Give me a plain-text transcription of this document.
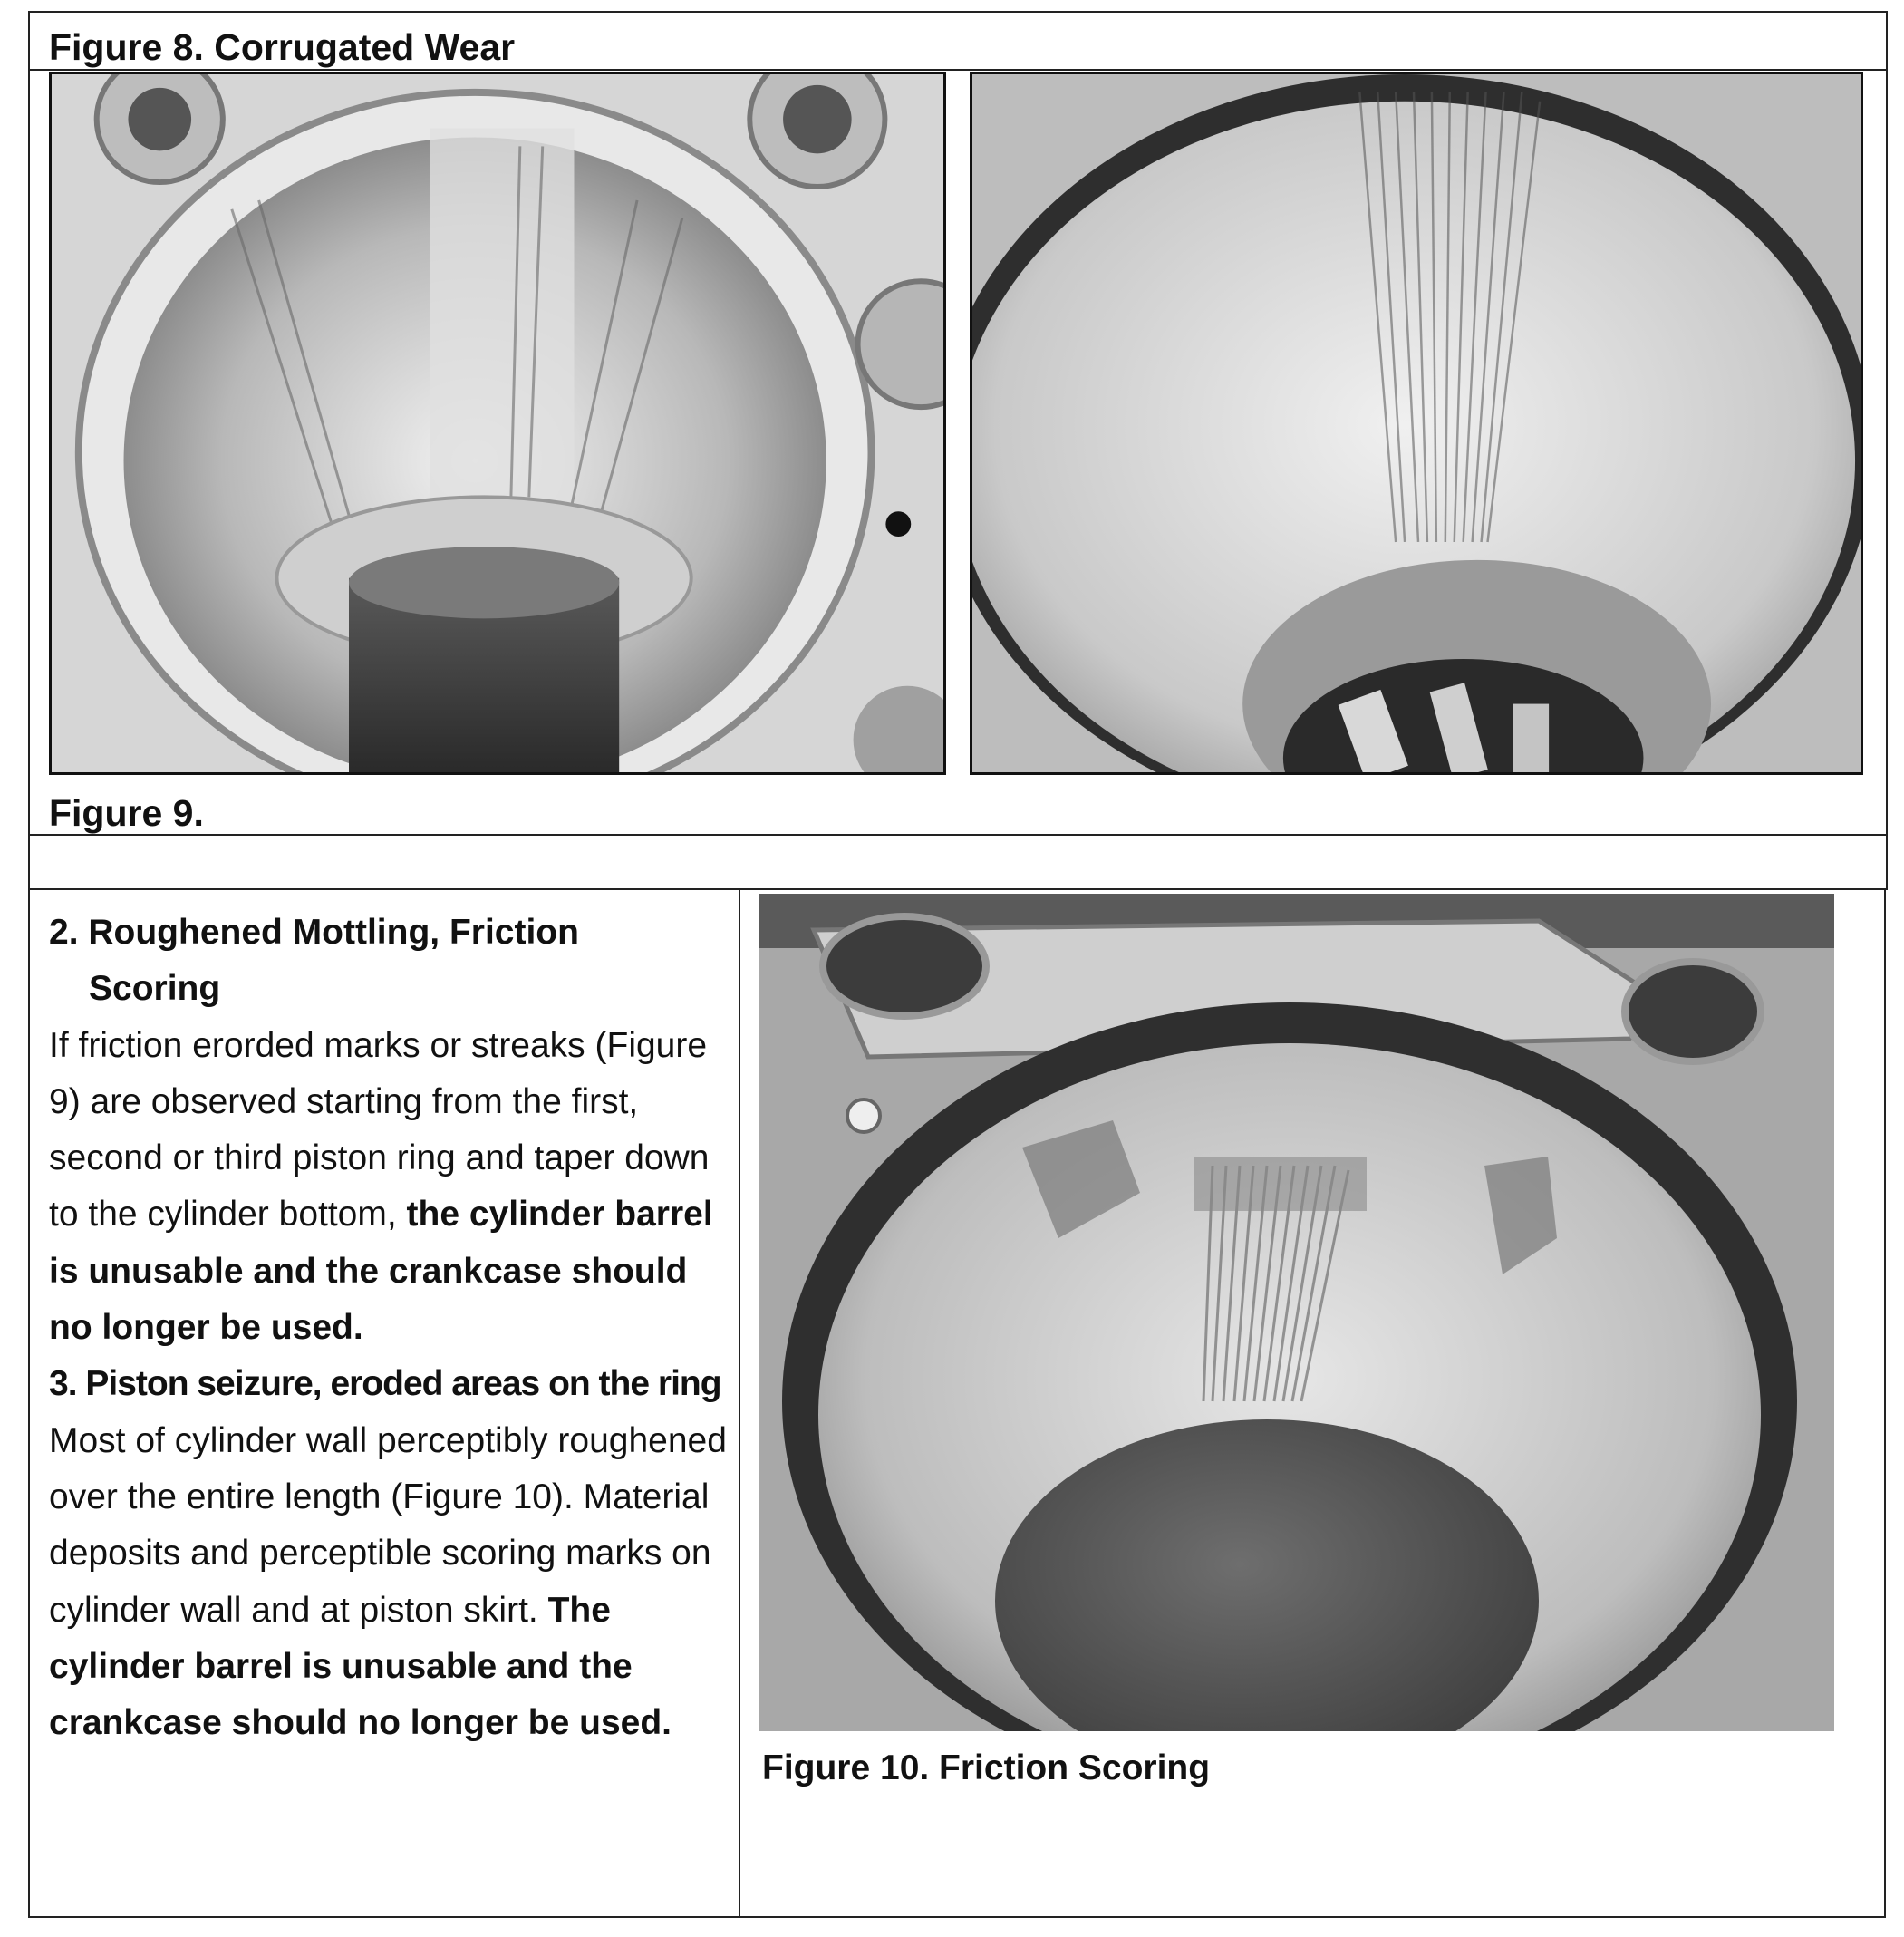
Figure 8. Corrugated Wear
Figure 9.

2. Roughened Mottling, Friction

Scoring

If friction erorded marks or streaks (Figure 9) are observed starting from the first, second or third piston ring and taper down to the cylinder bottom, the cylinder barrel is unusable and the crankcase should no longer be used.

3. Piston seizure, eroded areas on the ring

Most of cylinder wall perceptibly roughened over the entire length (Figure 10). Material deposits and perceptible scoring marks on cylinder wall and at piston skirt. The cylinder barrel is unusable and the crankcase should no longer be used.

Figure 10. Friction Scoring
